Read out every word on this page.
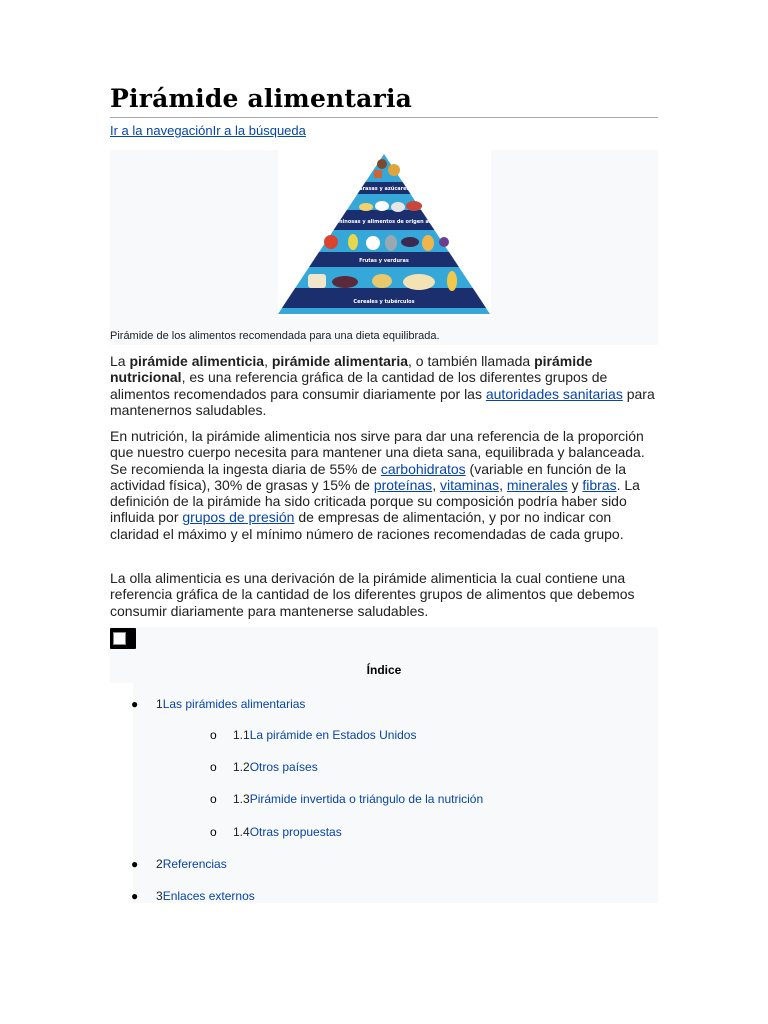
Pirámide alimentaria
Ir a la navegaciónIr a la búsqueda
Grasas y azúcares
Leguminosas y alimentos de origen animal
Frutas y verduras
Cereales y tubérculos
Pirámide de los alimentos recomendada para una dieta equilibrada.

La pirámide alimenticia, pirámide alimentaria, o también llamada pirámide nutricional, es una referencia gráfica de la cantidad de los diferentes grupos de alimentos recomendados para consumir diariamente por las autoridades sanitarias para mantenernos saludables.

En nutrición, la pirámide alimenticia nos sirve para dar una referencia de la proporción que nuestro cuerpo necesita para mantener una dieta sana, equilibrada y balanceada. Se recomienda la ingesta diaria de 55% de carbohidratos (variable en función de la actividad física), 30% de grasas y 15% de proteínas, vitaminas, minerales y fibras. La definición de la pirámide ha sido criticada porque su composición podría haber sido influida por grupos de presión de empresas de alimentación, y por no indicar con claridad el máximo y el mínimo número de raciones recomendadas de cada grupo.

La olla alimenticia es una derivación de la pirámide alimenticia la cual contiene una referencia gráfica de la cantidad de los diferentes grupos de alimentos que debemos consumir diariamente para mantenerse saludables.

Índice
● 1Las pirámides alimentarias
o 1.1La pirámide en Estados Unidos
o 1.2Otros países
o 1.3Pirámide invertida o triángulo de la nutrición
o 1.4Otras propuestas
● 2Referencias
● 3Enlaces externos
